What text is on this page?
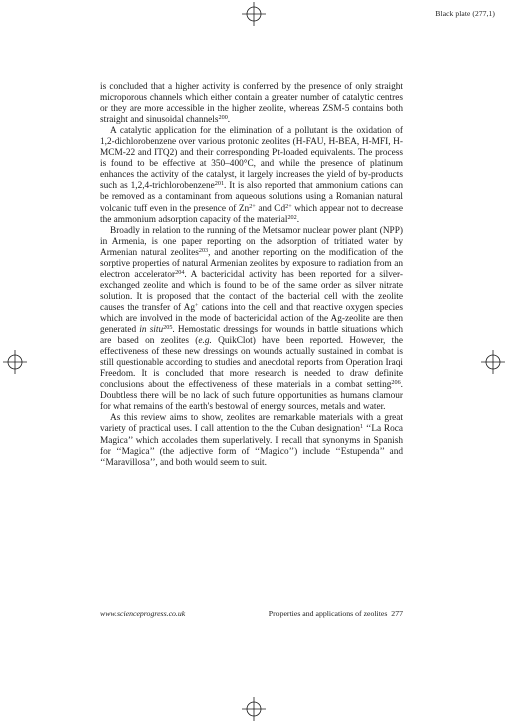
Black plate (277,1)

is concluded that a higher activity is conferred by the presence of only straight microporous channels which either contain a greater number of catalytic centres or they are more accessible in the higher zeolite, whereas ZSM-5 contains both straight and sinusoidal channels$^{200}$.

A catalytic application for the elimination of a pollutant is the oxidation of 1,2-dichlorobenzene over various protonic zeolites (H-FAU, H-BEA, H-MFI, H-MCM-22 and ITQ2) and their corresponding Pt-loaded equivalents. The process is found to be effective at 350–400°C, and while the presence of platinum enhances the activity of the catalyst, it largely increases the yield of by-products such as 1,2,4-trichlorobenzene$^{201}$. It is also reported that ammonium cations can be removed as a contaminant from aqueous solutions using a Romanian natural volcanic tuff even in the presence of $Zn^{2+}$ and $Cd^{2+}$ which appear not to decrease the ammonium adsorption capacity of the material$^{202}$.

Broadly in relation to the running of the Metsamor nuclear power plant (NPP) in Armenia, is one paper reporting on the adsorption of tritiated water by Armenian natural zeolites$^{203}$, and another reporting on the modification of the sorptive properties of natural Armenian zeolites by exposure to radiation from an electron accelerator$^{204}$. A bactericidal activity has been reported for a silver-exchanged zeolite and which is found to be of the same order as silver nitrate solution. It is proposed that the contact of the bacterial cell with the zeolite causes the transfer of Ag+ cations into the cell and that reactive oxygen species which are involved in the mode of bactericidal action of the Ag-zeolite are then generated in situ$^{205}$. Hemostatic dressings for wounds in battle situations which are based on zeolites (e.g. QuikClot) have been reported. However, the effectiveness of these new dressings on wounds actually sustained in combat is still questionable according to studies and anecdotal reports from Operation Iraqi Freedom. It is concluded that more research is needed to draw definite conclusions about the effectiveness of these materials in a combat setting$^{206}$. Doubtless there will be no lack of such future opportunities as humans clamour for what remains of the earth's bestowal of energy sources, metals and water.

As this review aims to show, zeolites are remarkable materials with a great variety of practical uses. I call attention to the the Cuban designation$^1$ ‘‘La Roca Magica’’ which accolades them superlatively. I recall that synonyms in Spanish for ‘‘Magica’’ (the adjective form of ‘‘Magico’’) include ‘‘Estupenda’’ and ‘‘Maravillosa’’, and both would seem to suit.

www.scienceprogress.co.uk	Properties and applications of zeolites 277
